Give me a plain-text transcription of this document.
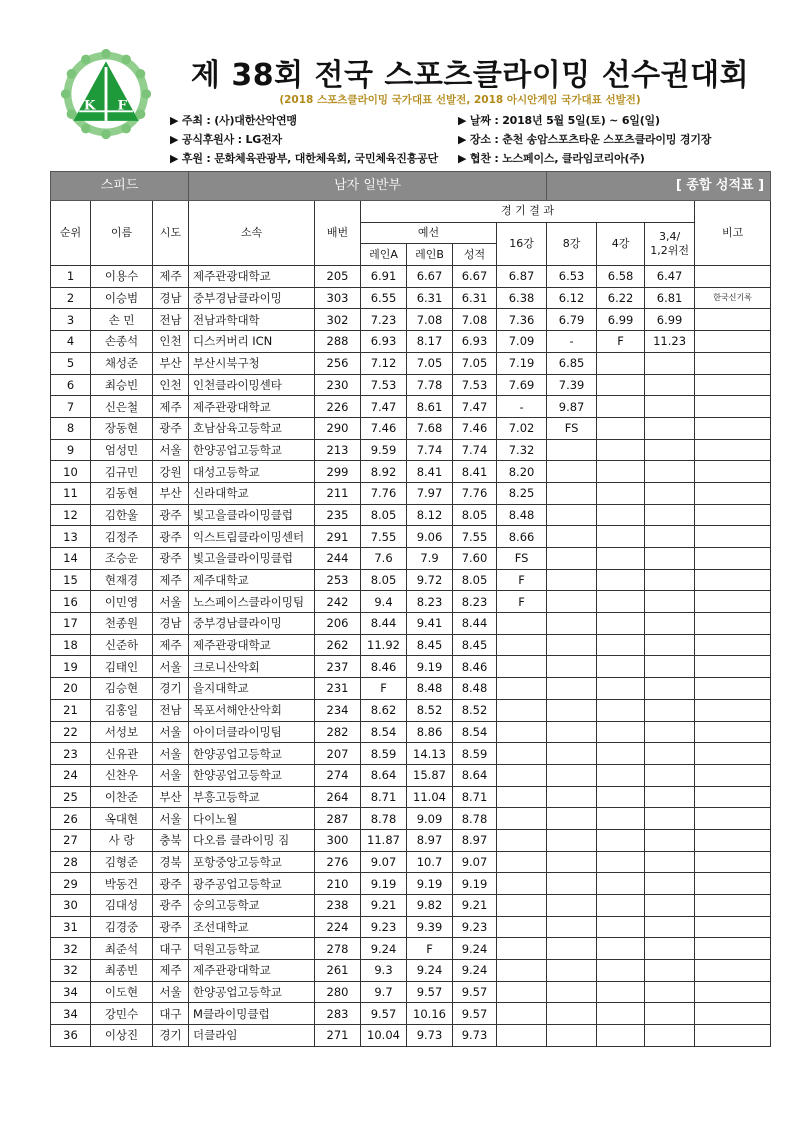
K F
제 38회 전국 스포츠클라이밍 선수권대회
(2018 스포츠클라이밍 국가대표 선발전, 2018 아시안게임 국가대표 선발전)
▶ 주최 : (사)대한산악연맹
▶ 공식후원사 : LG전자
▶ 후원 : 문화체육관광부, 대한체육회, 국민체육진흥공단
▶ 날짜 : 2018년 5월 5일(토) ~ 6일(일)
▶ 장소 : 춘천 송암스포츠타운 스포츠클라이밍 경기장
▶ 협찬 : 노스페이스, 클라임코리아(주)
스피드			남자 일반부						[ 종합 성적표 ]			
순위	이름	시도	소속	배번	경 기 결 과							비고
					예선			16강	8강	4강	3,4/
1,2위전	
					레인A	레인B	성적					
1	이용수	제주	제주관광대학교	205	6.91	6.67	6.67	6.87	6.53	6.58	6.47	
2	이승범	경남	중부경남클라이밍	303	6.55	6.31	6.31	6.38	6.12	6.22	6.81	한국신기록
3	손 민	전남	전남과학대학	302	7.23	7.08	7.08	7.36	6.79	6.99	6.99	
4	손종석	인천	디스커버리 ICN	288	6.93	8.17	6.93	7.09	-	F	11.23	
5	채성준	부산	부산시북구청	256	7.12	7.05	7.05	7.19	6.85			
6	최승빈	인천	인천클라이밍센타	230	7.53	7.78	7.53	7.69	7.39			
7	신은철	제주	제주관광대학교	226	7.47	8.61	7.47	-	9.87			
8	장동현	광주	호남삼육고등학교	290	7.46	7.68	7.46	7.02	FS			
9	엄성민	서울	한양공업고등학교	213	9.59	7.74	7.74	7.32				
10	김규민	강원	대성고등학교	299	8.92	8.41	8.41	8.20				
11	김동현	부산	신라대학교	211	7.76	7.97	7.76	8.25				
12	김한울	광주	빛고을클라이밍클럽	235	8.05	8.12	8.05	8.48				
13	김정주	광주	익스트림클라이밍센터	291	7.55	9.06	7.55	8.66				
14	조승운	광주	빛고을클라이밍클럽	244	7.6	7.9	7.60	FS				
15	현재경	제주	제주대학교	253	8.05	9.72	8.05	F				
16	이민영	서울	노스페이스클라이밍팀	242	9.4	8.23	8.23	F				
17	천종원	경남	중부경남클라이밍	206	8.44	9.41	8.44					
18	신준하	제주	제주관광대학교	262	11.92	8.45	8.45					
19	김태인	서울	크로니산악회	237	8.46	9.19	8.46					
20	김승현	경기	을지대학교	231	F	8.48	8.48					
21	김홍일	전남	목포서해안산악회	234	8.62	8.52	8.52					
22	서성보	서울	아이더클라이밍팀	282	8.54	8.86	8.54					
23	신유관	서울	한양공업고등학교	207	8.59	14.13	8.59					
24	신찬우	서울	한양공업고등학교	274	8.64	15.87	8.64					
25	이찬준	부산	부흥고등학교	264	8.71	11.04	8.71					
26	옥대현	서울	다이노월	287	8.78	9.09	8.78					
27	사 랑	충북	다오름 클라이밍 짐	300	11.87	8.97	8.97					
28	김형준	경북	포항중앙고등학교	276	9.07	10.7	9.07					
29	박동건	광주	광주공업고등학교	210	9.19	9.19	9.19					
30	김대성	광주	숭의고등학교	238	9.21	9.82	9.21					
31	김경중	광주	조선대학교	224	9.23	9.39	9.23					
32	최준석	대구	덕원고등학교	278	9.24	F	9.24					
32	최종빈	제주	제주관광대학교	261	9.3	9.24	9.24					
34	이도현	서울	한양공업고등학교	280	9.7	9.57	9.57					
34	강민수	대구	M클라이밍클럽	283	9.57	10.16	9.57					
36	이상진	경기	더클라임	271	10.04	9.73	9.73					
